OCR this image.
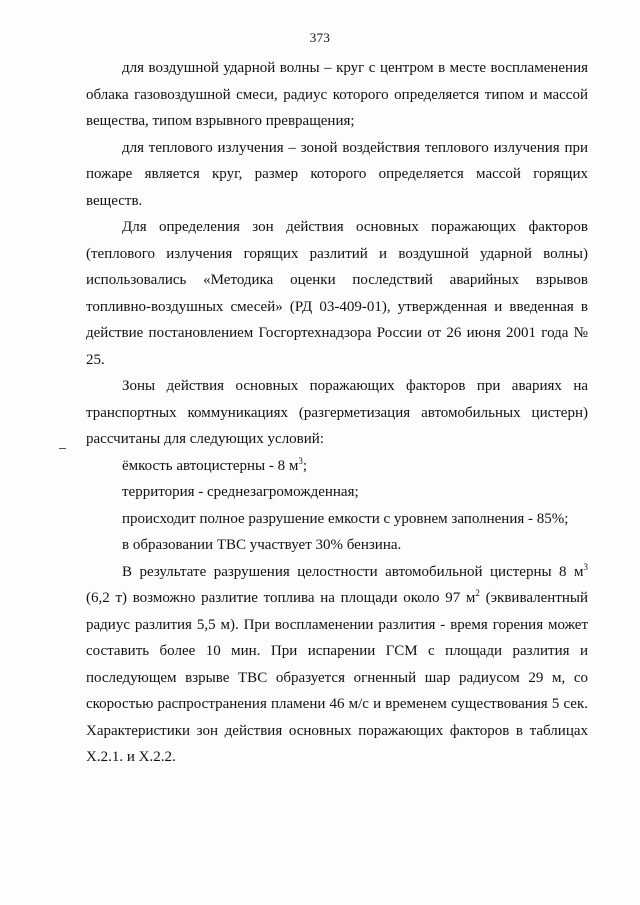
373

для воздушной ударной волны – круг с центром в месте воспламенения облака газовоздушной смеси, радиус которого определяется типом и массой вещества, типом взрывного превращения;

для теплового излучения – зоной воздействия теплового излучения при пожаре является круг, размер которого определяется массой горящих веществ.

Для определения зон действия основных поражающих факторов (теплового излучения горящих разлитий и воздушной ударной волны) использовались «Методика оценки последствий аварийных взрывов топливно-воздушных смесей» (РД 03-409-01), утвержденная и введенная в действие постановлением Госгортехнадзора России от 26 июня 2001 года № 25.

Зоны действия основных поражающих факторов при авариях на транспортных коммуникациях (разгерметизация автомобильных цистерн) рассчитаны для следующих условий:

ёмкость автоцистерны - 8 $м^3$;

территория - среднезагроможденная;

происходит полное разрушение емкости с уровнем заполнения - 85%;

в образовании ТВС участвует 30% бензина.

В результате разрушения целостности автомобильной цистерны 8 $м^3$ (6,2 т) возможно разлитие топлива на площади около 97 $м^2$ (эквивалентный радиус разлития 5,5 м). При воспламенении разлития - время горения может составить более 10 мин. При испарении ГСМ с площади разлития и последующем взрыве ТВС образуется огненный шар радиусом 29 м, со скоростью распространения пламени 46 м/с и временем существования 5 сек. Характеристики зон действия основных поражающих факторов в таблицах Х.2.1. и Х.2.2.
